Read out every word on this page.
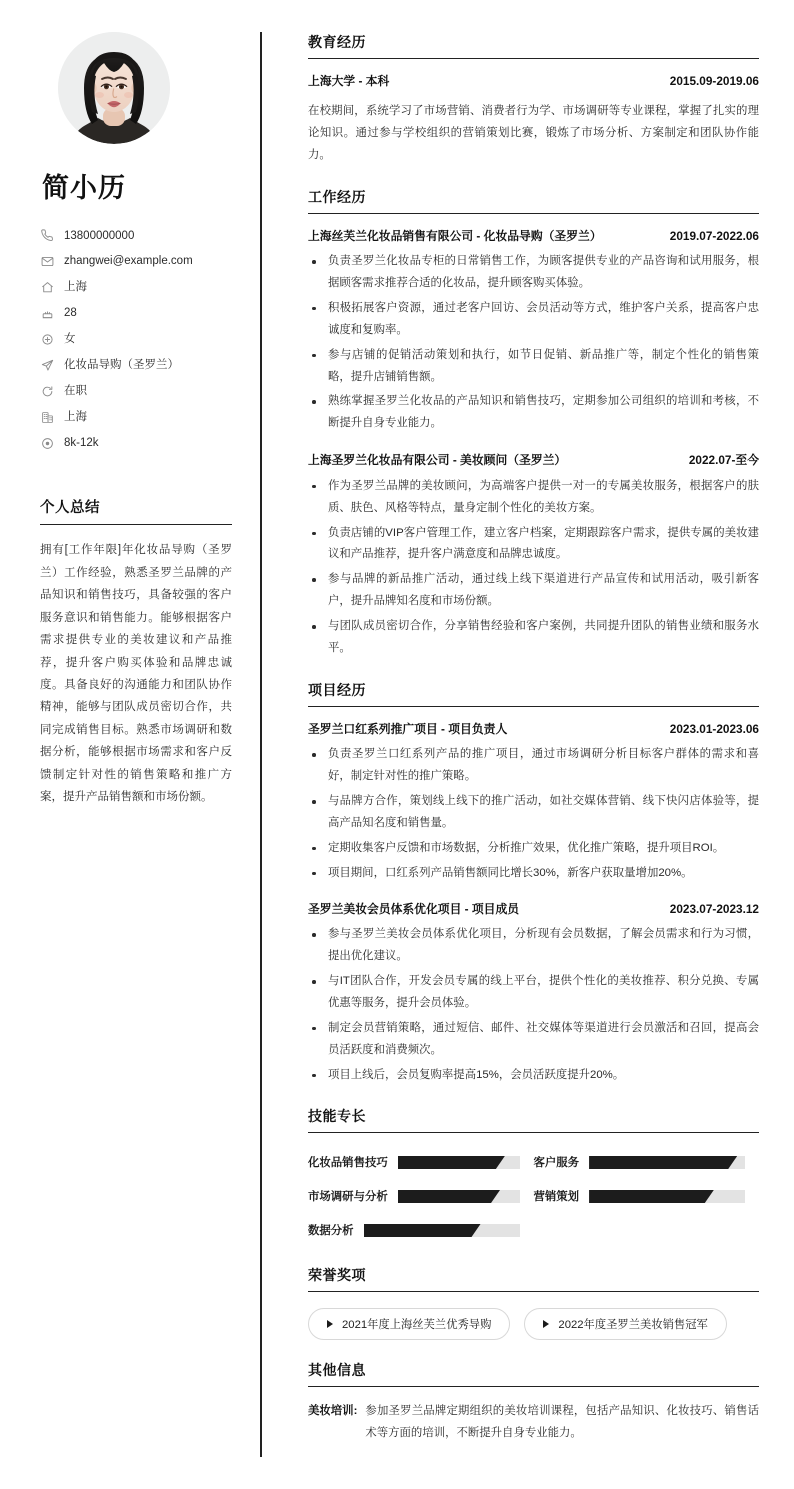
简小历
13800000000
zhangwei@example.com
上海
28
女
化妆品导购（圣罗兰）
在职
上海
8k-12k
个人总结

拥有[工作年限]年化妆品导购（圣罗兰）工作经验，熟悉圣罗兰品牌的产品知识和销售技巧，具备较强的客户服务意识和销售能力。能够根据客户需求提供专业的美妆建议和产品推荐，提升客户购买体验和品牌忠诚度。具备良好的沟通能力和团队协作精神，能够与团队成员密切合作，共同完成销售目标。熟悉市场调研和数据分析，能够根据市场需求和客户反馈制定针对性的销售策略和推广方案，提升产品销售额和市场份额。

教育经历
上海大学 - 本科	2015.09-2019.06

在校期间，系统学习了市场营销、消费者行为学、市场调研等专业课程，掌握了扎实的理论知识。通过参与学校组织的营销策划比赛，锻炼了市场分析、方案制定和团队协作能力。

工作经历
上海丝芙兰化妆品销售有限公司 - 化妆品导购（圣罗兰）	2019.07-2022.06
负责圣罗兰化妆品专柜的日常销售工作，为顾客提供专业的产品咨询和试用服务，根据顾客需求推荐合适的化妆品，提升顾客购买体验。
积极拓展客户资源，通过老客户回访、会员活动等方式，维护客户关系，提高客户忠诚度和复购率。
参与店铺的促销活动策划和执行，如节日促销、新品推广等，制定个性化的销售策略，提升店铺销售额。
熟练掌握圣罗兰化妆品的产品知识和销售技巧，定期参加公司组织的培训和考核，不断提升自身专业能力。
上海圣罗兰化妆品有限公司 - 美妆顾问（圣罗兰）	2022.07-至今
作为圣罗兰品牌的美妆顾问，为高端客户提供一对一的专属美妆服务，根据客户的肤质、肤色、风格等特点，量身定制个性化的美妆方案。
负责店铺的VIP客户管理工作，建立客户档案，定期跟踪客户需求，提供专属的美妆建议和产品推荐，提升客户满意度和品牌忠诚度。
参与品牌的新品推广活动，通过线上线下渠道进行产品宣传和试用活动，吸引新客户，提升品牌知名度和市场份额。
与团队成员密切合作，分享销售经验和客户案例，共同提升团队的销售业绩和服务水平。
项目经历
圣罗兰口红系列推广项目 - 项目负责人	2023.01-2023.06
负责圣罗兰口红系列产品的推广项目，通过市场调研分析目标客户群体的需求和喜好，制定针对性的推广策略。
与品牌方合作，策划线上线下的推广活动，如社交媒体营销、线下快闪店体验等，提高产品知名度和销售量。
定期收集客户反馈和市场数据，分析推广效果，优化推广策略，提升项目ROI。
项目期间，口红系列产品销售额同比增长30%，新客户获取量增加20%。
圣罗兰美妆会员体系优化项目 - 项目成员	2023.07-2023.12
参与圣罗兰美妆会员体系优化项目，分析现有会员数据，了解会员需求和行为习惯，提出优化建议。
与IT团队合作，开发会员专属的线上平台，提供个性化的美妆推荐、积分兑换、专属优惠等服务，提升会员体验。
制定会员营销策略，通过短信、邮件、社交媒体等渠道进行会员激活和召回，提高会员活跃度和消费频次。
项目上线后，会员复购率提高15%，会员活跃度提升20%。
技能专长
化妆品销售技巧	客户服务
市场调研与分析	营销策划
数据分析
荣誉奖项
2021年度上海丝芙兰优秀导购	2022年度圣罗兰美妆销售冠军
其他信息
美妆培训: 参加圣罗兰品牌定期组织的美妆培训课程，包括产品知识、化妆技巧、销售话术等方面的培训，不断提升自身专业能力。
